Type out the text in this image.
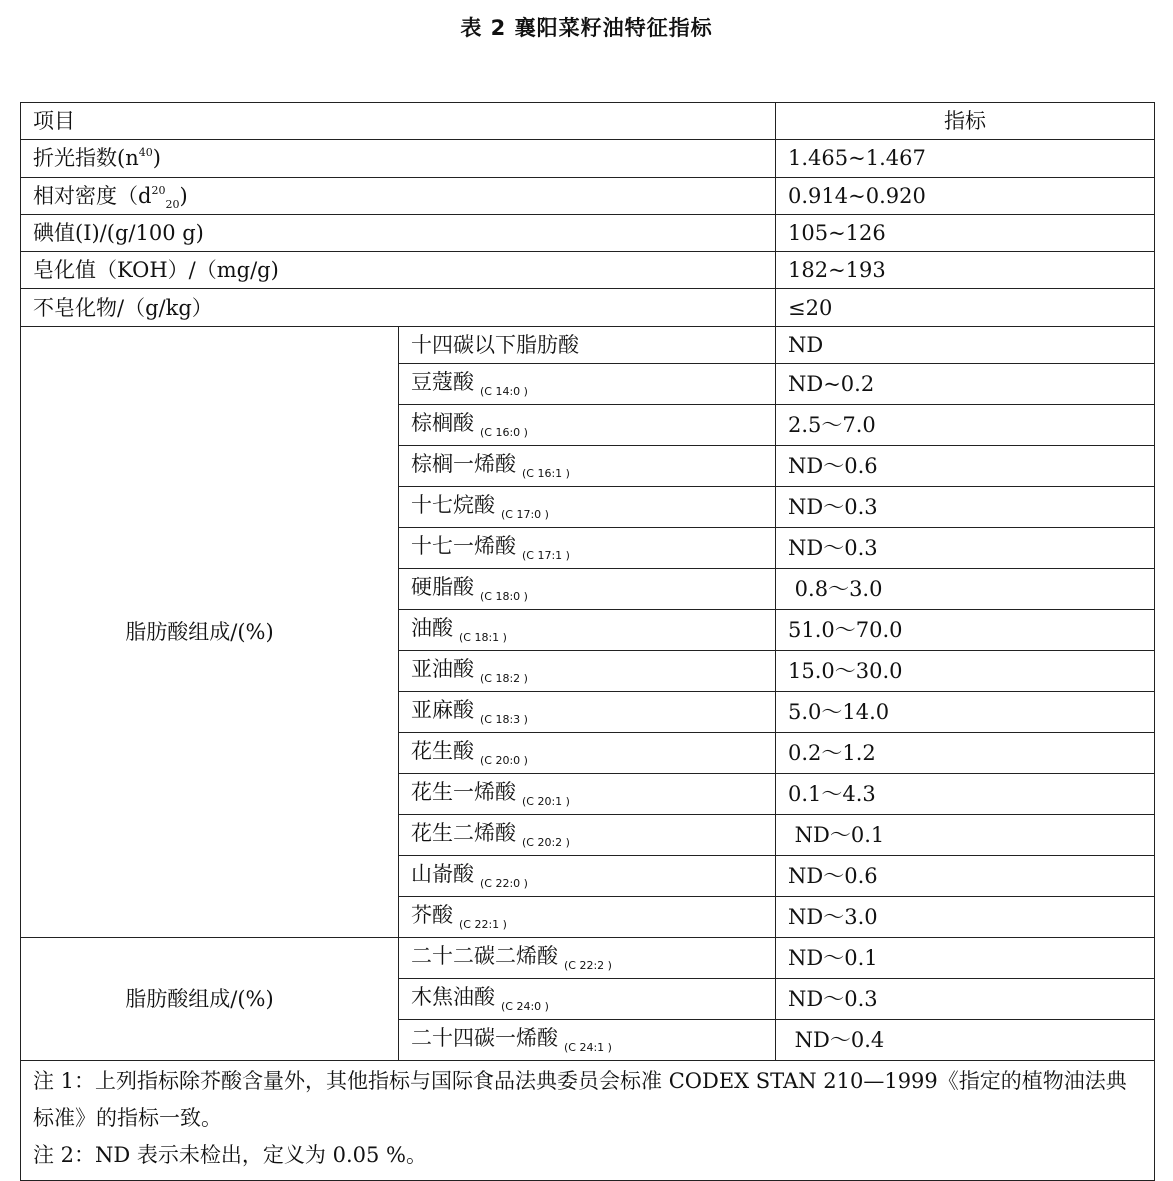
表 2 襄阳菜籽油特征指标
项目		指标
折光指数$(n^{40})$		1.465~1.467
相对密度$(d^{20}_{20})$		0.914~0.920
碘值(I)/(g/100 g)		105~126
皂化值（KOH）/（mg/g)		182~193
不皂化物/（g/kg）		≤20
脂肪酸组成/(%)	十四碳以下脂肪酸	ND
	豆蔻酸 $_{(C 14:0 )}$	ND~0.2
	棕榈酸 $_{(C 16:0 )}$	2.5～7.0
	棕榈一烯酸 $_{(C 16:1 )}$	ND～0.6
	十七烷酸 $_{(C 17:0 )}$	ND～0.3
	十七一烯酸 $_{(C 17:1 )}$	ND～0.3
	硬脂酸 $_{(C 18:0 )}$	0.8～3.0
	油酸 $_{(C 18:1 )}$	51.0～70.0
	亚油酸 $_{(C 18:2 )}$	15.0～30.0
	亚麻酸 $_{(C 18:3 )}$	5.0～14.0
	花生酸 $_{(C 20:0 )}$	0.2～1.2
	花生一烯酸 $_{(C 20:1 )}$	0.1～4.3
	花生二烯酸 $_{(C 20:2 )}$	ND～0.1
	山嵛酸 $_{(C 22:0 )}$	ND～0.6
	芥酸 $_{(C 22:1 )}$	ND～3.0
脂肪酸组成/(%)	二十二碳二烯酸 $_{(C 22:2 )}$	ND～0.1
	木焦油酸 $_{(C 24:0 )}$	ND～0.3
	二十四碳一烯酸 $_{(C 24:1 )}$	ND～0.4

注 1：上列指标除芥酸含量外，其他指标与国际食品法典委员会标准 CODEX STAN 210—1999《指定的植物油法典标准》的指标一致。
注 2：ND 表示未检出，定义为 0.05 %。		
